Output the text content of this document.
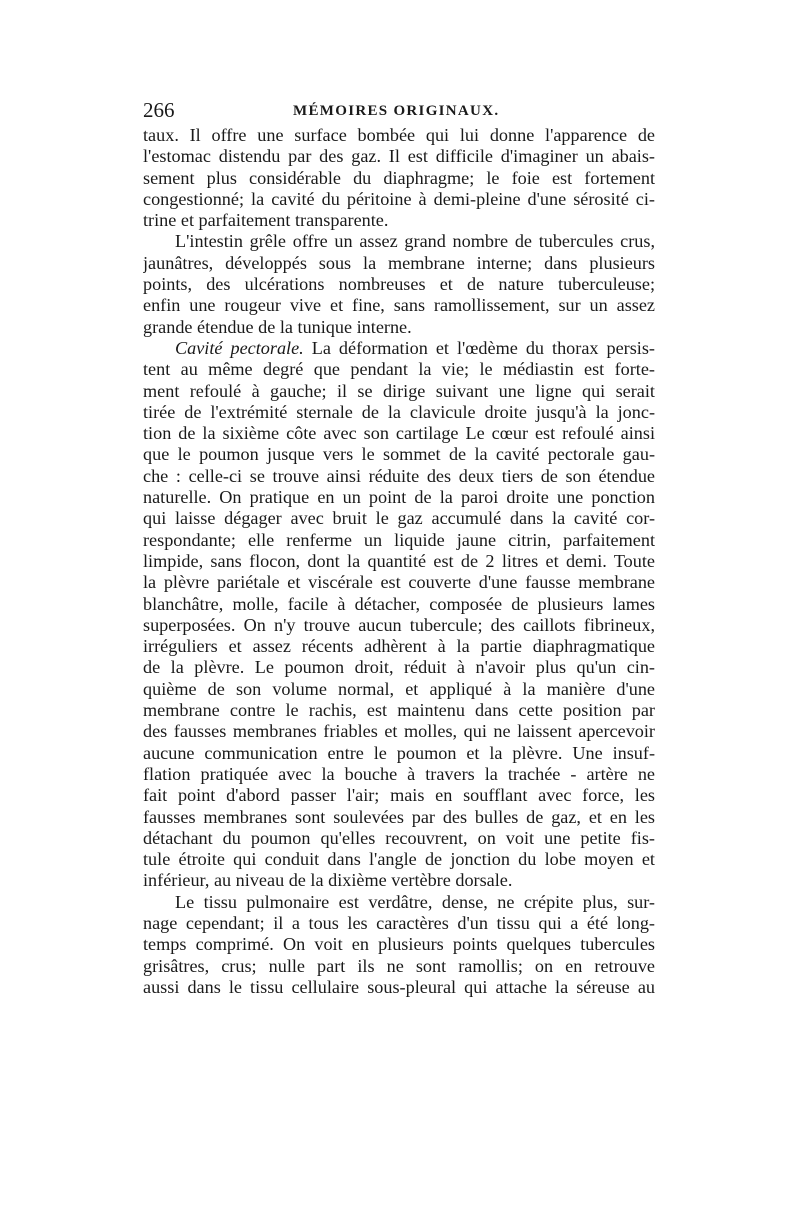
266	MÉMOIRES ORIGINAUX.
taux. Il offre une surface bombée qui lui donne l'apparence de
l'estomac distendu par des gaz. Il est difficile d'imaginer un abais-
sement plus considérable du diaphragme; le foie est fortement
congestionné; la cavité du péritoine à demi-pleine d'une sérosité ci-
trine et parfaitement transparente.
L'intestin grêle offre un assez grand nombre de tubercules crus,
jaunâtres, développés sous la membrane interne; dans plusieurs
points, des ulcérations nombreuses et de nature tuberculeuse;
enfin une rougeur vive et fine, sans ramollissement, sur un assez
grande étendue de la tunique interne.
Cavité pectorale. La déformation et l'œdème du thorax persis-
tent au même degré que pendant la vie; le médiastin est forte-
ment refoulé à gauche; il se dirige suivant une ligne qui serait
tirée de l'extrémité sternale de la clavicule droite jusqu'à la jonc-
tion de la sixième côte avec son cartilage Le cœur est refoulé ainsi
que le poumon jusque vers le sommet de la cavité pectorale gau-
che : celle-ci se trouve ainsi réduite des deux tiers de son étendue
naturelle. On pratique en un point de la paroi droite une ponction
qui laisse dégager avec bruit le gaz accumulé dans la cavité cor-
respondante; elle renferme un liquide jaune citrin, parfaitement
limpide, sans flocon, dont la quantité est de 2 litres et demi. Toute
la plèvre pariétale et viscérale est couverte d'une fausse membrane
blanchâtre, molle, facile à détacher, composée de plusieurs lames
superposées. On n'y trouve aucun tubercule; des caillots fibrineux,
irréguliers et assez récents adhèrent à la partie diaphragmatique
de la plèvre. Le poumon droit, réduit à n'avoir plus qu'un cin-
quième de son volume normal, et appliqué à la manière d'une
membrane contre le rachis, est maintenu dans cette position par
des fausses membranes friables et molles, qui ne laissent apercevoir
aucune communication entre le poumon et la plèvre. Une insuf-
flation pratiquée avec la bouche à travers la trachée - artère ne
fait point d'abord passer l'air; mais en soufflant avec force, les
fausses membranes sont soulevées par des bulles de gaz, et en les
détachant du poumon qu'elles recouvrent, on voit une petite fis-
tule étroite qui conduit dans l'angle de jonction du lobe moyen et
inférieur, au niveau de la dixième vertèbre dorsale.
Le tissu pulmonaire est verdâtre, dense, ne crépite plus, sur-
nage cependant; il a tous les caractères d'un tissu qui a été long-
temps comprimé. On voit en plusieurs points quelques tubercules
grisâtres, crus; nulle part ils ne sont ramollis; on en retrouve
aussi dans le tissu cellulaire sous-pleural qui attache la séreuse au
